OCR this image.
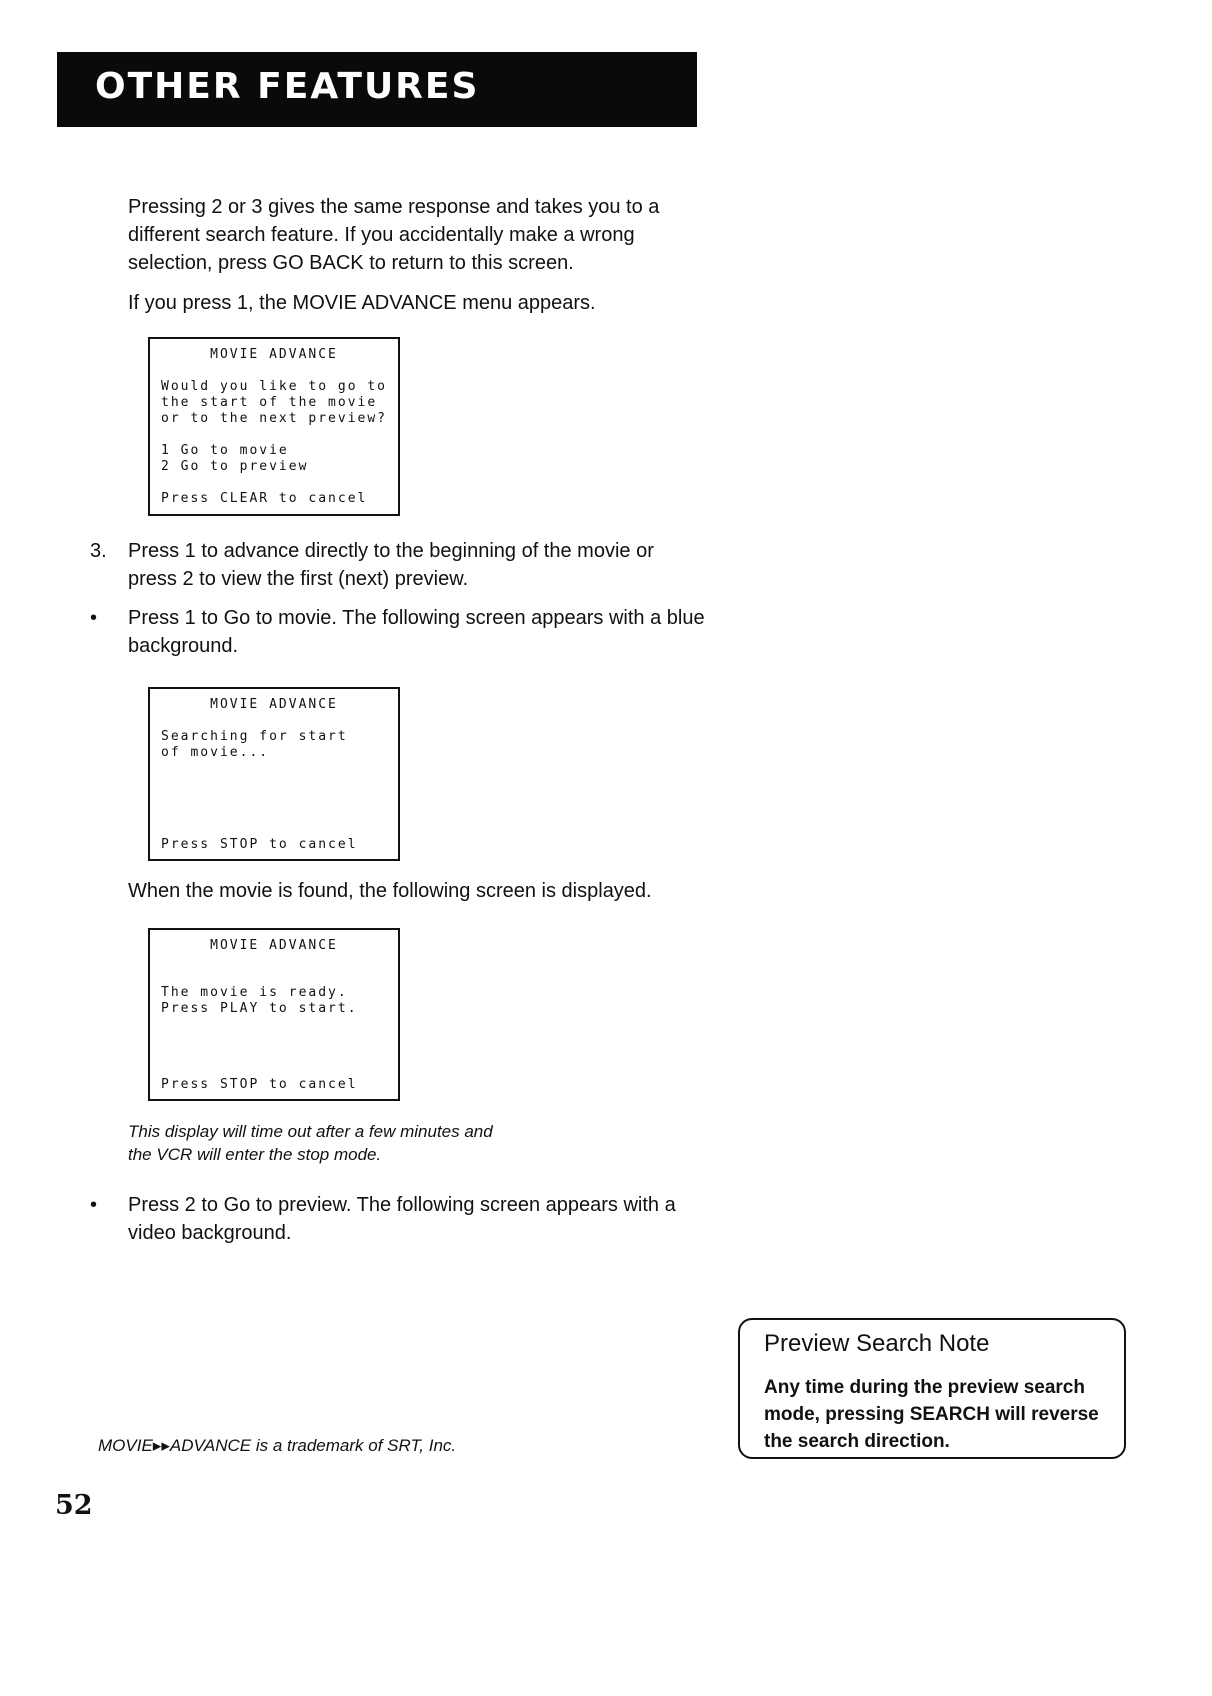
OTHER FEATURES

Pressing 2 or 3 gives the same response and takes you to a different search feature. If you accidentally make a wrong selection, press GO BACK to return to this screen.

If you press 1, the MOVIE ADVANCE menu appears.

MOVIE ADVANCE
Would you like to go to
the start of the movie
or to the next preview?
1 Go to movie
2 Go to preview
Press CLEAR to cancel
3. Press 1 to advance directly to the beginning of the movie or press 2 to view the first (next) preview.

• Press 1 to Go to movie. The following screen appears with a blue background.

MOVIE ADVANCE
Searching for start
of movie...
Press STOP to cancel

When the movie is found, the following screen is displayed.

MOVIE ADVANCE
The movie is ready.
Press PLAY to start.
Press STOP to cancel
This display will time out after a few minutes and
the VCR will enter the stop mode.
• Press 2 to Go to preview. The following screen appears with a video background.

MOVIE▸▸ADVANCE is a trademark of SRT, Inc.
52
Preview Search Note
Any time during the preview search mode, pressing SEARCH will reverse the search direction.
